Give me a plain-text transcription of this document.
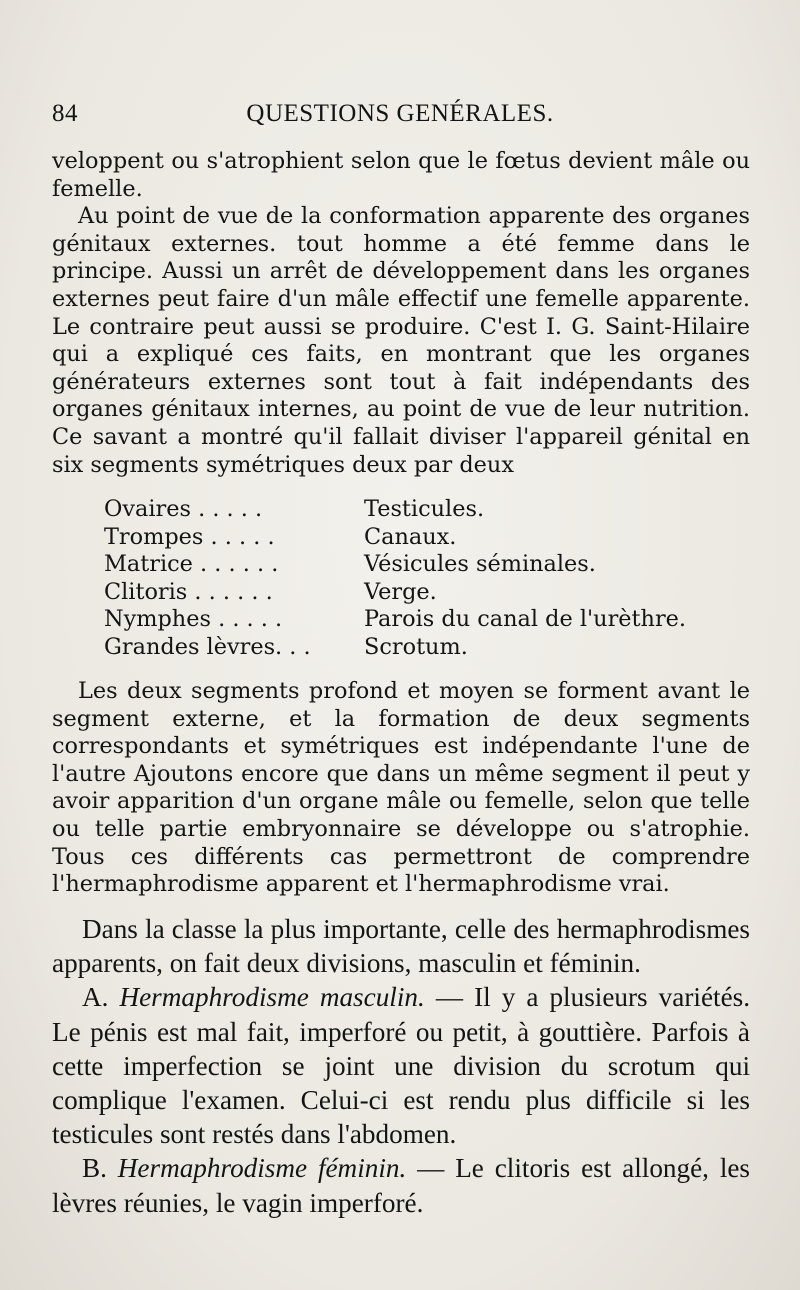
84	QUESTIONS GENÉRALES.

veloppent ou s'atrophient selon que le fœtus devient mâle ou femelle.

Au point de vue de la conformation apparente des organes génitaux externes. tout homme a été femme dans le principe. Aussi un arrêt de développement dans les organes externes peut faire d'un mâle effectif une femelle apparente. Le contraire peut aussi se produire. C'est I. G. Saint-Hilaire qui a expliqué ces faits, en montrant que les organes générateurs externes sont tout à fait indépendants des organes génitaux internes, au point de vue de leur nutrition. Ce savant a montré qu'il fallait diviser l'appareil génital en six segments symétriques deux par deux

Ovaires . . . . .	Testicules.
Trompes . . . . .	Canaux.
Matrice . . . . . .	Vésicules séminales.
Clitoris . . . . . .	Verge.
Nymphes . . . . .	Parois du canal de l'urèthre.
Grandes lèvres. . .	Scrotum.

Les deux segments profond et moyen se forment avant le segment externe, et la formation de deux segments correspondants et symétriques est indépendante l'une de l'autre Ajoutons encore que dans un même segment il peut y avoir apparition d'un organe mâle ou femelle, selon que telle ou telle partie embryonnaire se développe ou s'atrophie. Tous ces différents cas permettront de comprendre l'hermaphrodisme apparent et l'hermaphrodisme vrai.

Dans la classe la plus importante, celle des hermaphrodismes apparents, on fait deux divisions, masculin et féminin.

A. Hermaphrodisme masculin. — Il y a plusieurs variétés. Le pénis est mal fait, imperforé ou petit, à gouttière. Parfois à cette imperfection se joint une division du scrotum qui complique l'examen. Celui-ci est rendu plus difficile si les testicules sont restés dans l'abdomen.

B. Hermaphrodisme féminin. — Le clitoris est allongé, les lèvres réunies, le vagin imperforé.
